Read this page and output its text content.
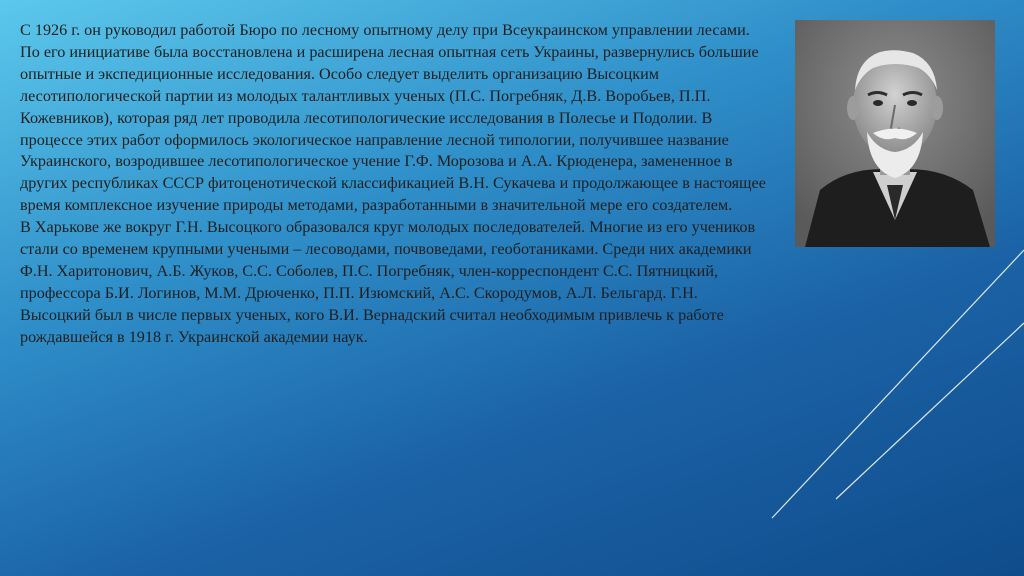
С 1926 г. он руководил работой Бюро по лесному опытному делу при Всеукраинском управлении лесами. По его инициативе была восстановлена и расширена лесная опытная сеть Украины, развернулись большие опытные и экспедиционные исследования. Особо следует выделить организацию Высоцким лесотипологической партии из молодых талантливых ученых (П.С. Погребняк, Д.В. Воробьев, П.П. Кожевников), которая ряд лет проводила лесотипологические исследования в Полесье и Подолии. В процессе этих работ оформилось экологическое направление лесной типологии, получившее название Украинского, возродившее лесотипологическое учение Г.Ф. Морозова и А.А. Крюденера, замененное в других республиках СССР фитоценотической классификацией В.Н. Сукачева и продолжающее в настоящее время комплексное изучение природы методами, разработанными в значительной мере его создателем.

В Харькове же вокруг Г.Н. Высоцкого образовался круг молодых последователей. Многие из его учеников стали со временем крупными учеными – лесоводами, почвоведами, геоботаниками. Среди них академики Ф.Н. Харитонович, А.Б. Жуков, С.С. Соболев, П.С. Погребняк, член-корреспондент С.С. Пятницкий, профессора Б.И. Логинов, М.М. Дрюченко, П.П. Изюмский, А.С. Скородумов, А.Л. Бельгард. Г.Н. Высоцкий был в числе первых ученых, кого В.И. Вернадский считал необходимым привлечь к работе рождавшейся в 1918 г. Украинской академии наук.
